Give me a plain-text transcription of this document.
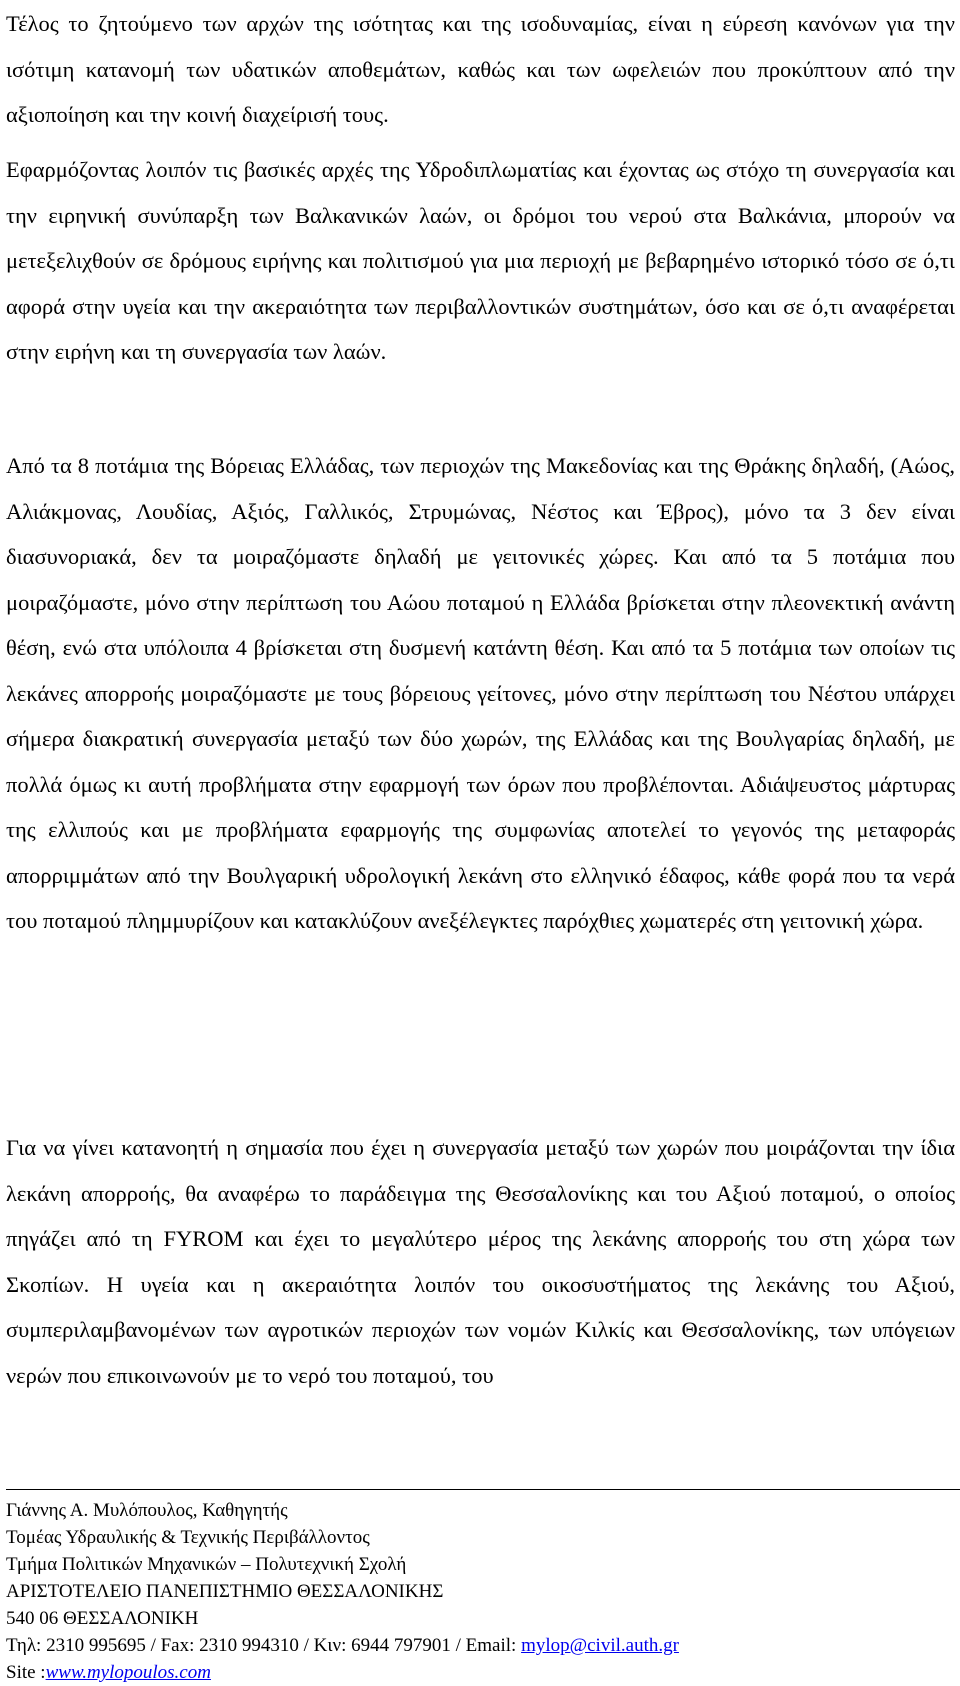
Τέλος το ζητούμενο των αρχών της ισότητας και της ισοδυναμίας, είναι η εύρεση κανόνων για την ισότιμη κατανομή των υδατικών αποθεμάτων, καθώς και των ωφελειών που προκύπτουν από την αξιοποίηση και την κοινή διαχείρισή τους.

Εφαρμόζοντας λοιπόν τις βασικές αρχές της Υδροδιπλωματίας και έχοντας ως στόχο τη συνεργασία και την ειρηνική συνύπαρξη των Βαλκανικών λαών, οι δρόμοι του νερού στα Βαλκάνια, μπορούν να μετεξελιχθούν σε δρόμους ειρήνης και πολιτισμού για μια περιοχή με βεβαρημένο ιστορικό τόσο σε ό,τι αφορά στην υγεία και την ακεραιότητα των περιβαλλοντικών συστημάτων, όσο και σε ό,τι αναφέρεται στην ειρήνη και τη συνεργασία των λαών.

Από τα 8 ποτάμια της Βόρειας Ελλάδας, των περιοχών της Μακεδονίας και της Θράκης δηλαδή, (Αώος, Αλιάκμονας, Λουδίας, Αξιός, Γαλλικός, Στρυμώνας, Νέστος και Έβρος), μόνο τα 3 δεν είναι διασυνοριακά, δεν τα μοιραζόμαστε δηλαδή με γειτονικές χώρες. Και από τα 5 ποτάμια που μοιραζόμαστε, μόνο στην περίπτωση του Αώου ποταμού η Ελλάδα βρίσκεται στην πλεονεκτική ανάντη θέση, ενώ στα υπόλοιπα 4 βρίσκεται στη δυσμενή κατάντη θέση. Και από τα 5 ποτάμια των οποίων τις λεκάνες απορροής μοιραζόμαστε με τους βόρειους γείτονες, μόνο στην περίπτωση του Νέστου υπάρχει σήμερα διακρατική συνεργασία μεταξύ των δύο χωρών, της Ελλάδας και της Βουλγαρίας δηλαδή, με πολλά όμως κι αυτή προβλήματα στην εφαρμογή των όρων που προβλέπονται. Αδιάψευστος μάρτυρας της ελλιπούς και με προβλήματα εφαρμογής της συμφωνίας αποτελεί το γεγονός της μεταφοράς απορριμμάτων από την Βουλγαρική υδρολογική λεκάνη στο ελληνικό έδαφος, κάθε φορά που τα νερά του ποταμού πλημμυρίζουν και κατακλύζουν ανεξέλεγκτες παρόχθιες χωματερές στη γειτονική χώρα.

Για να γίνει κατανοητή η σημασία που έχει η συνεργασία μεταξύ των χωρών που μοιράζονται την ίδια λεκάνη απορροής, θα αναφέρω το παράδειγμα της Θεσσαλονίκης και του Αξιού ποταμού, ο οποίος πηγάζει από τη FYROM και έχει το μεγαλύτερο μέρος της λεκάνης απορροής του στη χώρα των Σκοπίων. Η υγεία και η ακεραιότητα λοιπόν του οικοσυστήματος της λεκάνης του Αξιού, συμπεριλαμβανομένων των αγροτικών περιοχών των νομών Κιλκίς και Θεσσαλονίκης, των υπόγειων νερών που επικοινωνούν με το νερό του ποταμού, του

Γιάννης Α. Μυλόπουλος, Καθηγητής
Τομέας Υδραυλικής & Τεχνικής Περιβάλλοντος
Τμήμα Πολιτικών Μηχανικών – Πολυτεχνική Σχολή
ΑΡΙΣΤΟΤΕΛΕΙΟ ΠΑΝΕΠΙΣΤΗΜΙΟ ΘΕΣΣΑΛΟΝΙΚΗΣ
540 06 ΘΕΣΣΑΛΟΝΙΚΗ
Τηλ: 2310 995695 / Fax: 2310 994310 / Κιν: 6944 797901 / Email: mylop@civil.auth.gr
Site :www.mylopoulos.com
